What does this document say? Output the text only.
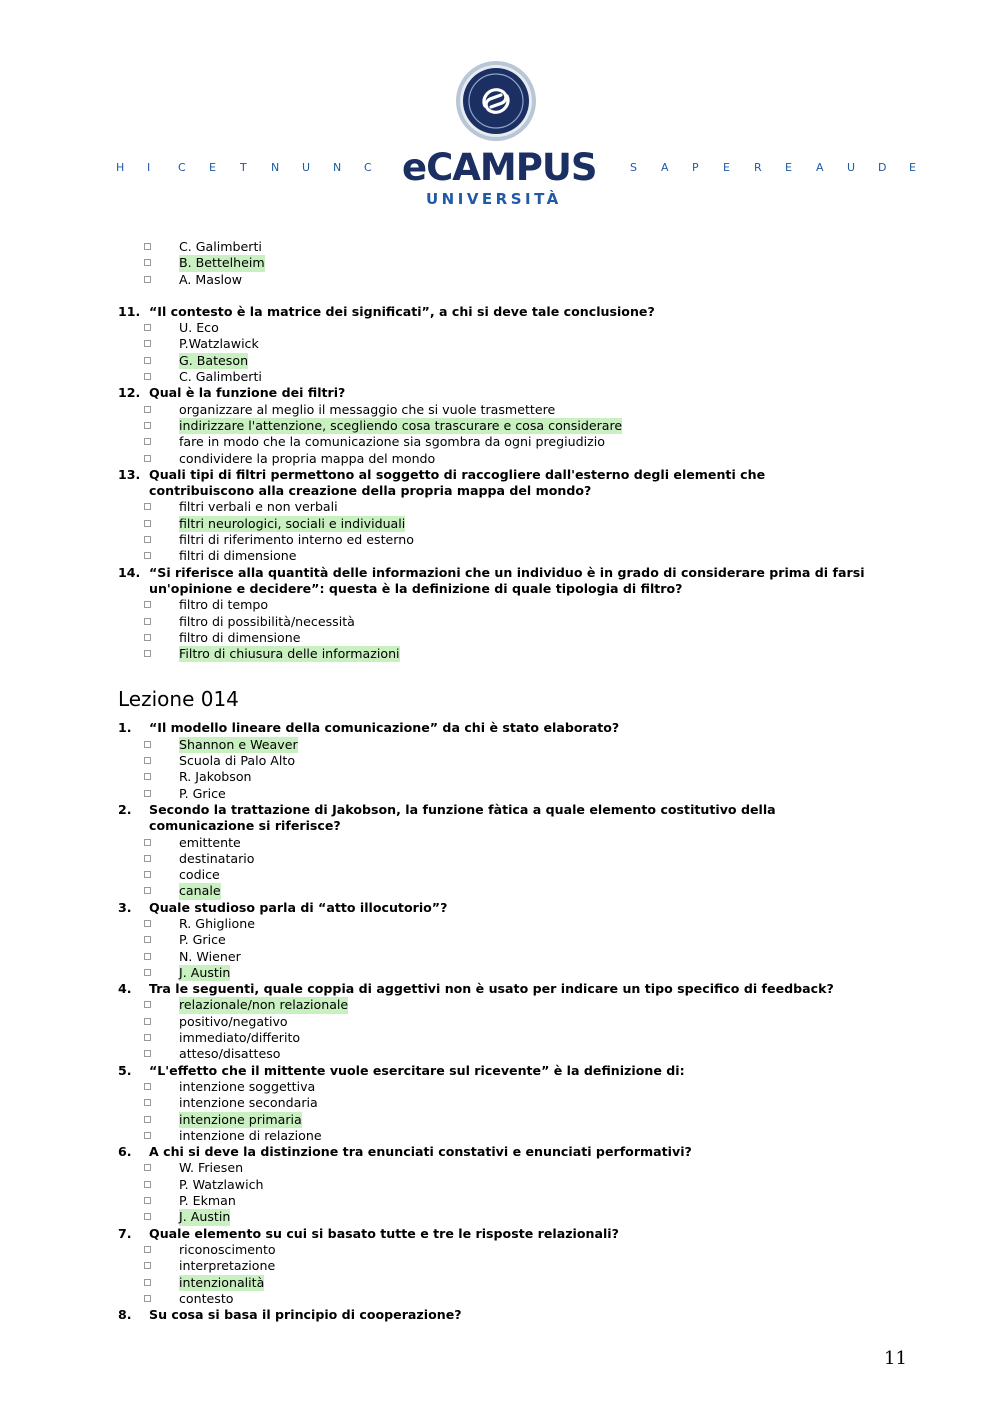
H I	C E T N U N C eCAMPUS
UNIVERSITÀ
S A P E R E A U D E
C. Galimberti
B. Bettelheim
A. Maslow
11. “Il contesto è la matrice dei significati”, a chi si deve tale conclusione?
U. Eco
P.Watzlawick
G. Bateson
C. Galimberti
12. Qual è la funzione dei filtri?
organizzare al meglio il messaggio che si vuole trasmettere
indirizzare l'attenzione, scegliendo cosa trascurare e cosa considerare
fare in modo che la comunicazione sia sgombra da ogni pregiudizio
condividere la propria mappa del mondo
13. Quali tipi di filtri permettono al soggetto di raccogliere dall'esterno degli elementi che contribuiscono alla creazione della propria mappa del mondo?
filtri verbali e non verbali
filtri neurologici, sociali e individuali
filtri di riferimento interno ed esterno
filtri di dimensione
14. “Si riferisce alla quantità delle informazioni che un individuo è in grado di considerare prima di farsi un'opinione e decidere”: questa è la definizione di quale tipologia di filtro?
filtro di tempo
filtro di possibilità/necessità
filtro di dimensione
Filtro di chiusura delle informazioni
Lezione 014
1. “Il modello lineare della comunicazione” da chi è stato elaborato?
Shannon e Weaver
Scuola di Palo Alto
R. Jakobson
P. Grice
2. Secondo la trattazione di Jakobson, la funzione fàtica a quale elemento costitutivo della comunicazione si riferisce?
emittente
destinatario
codice
canale
3. Quale studioso parla di “atto illocutorio”?
R. Ghiglione
P. Grice
N. Wiener
J. Austin
4. Tra le seguenti, quale coppia di aggettivi non è usato per indicare un tipo specifico di feedback?
relazionale/non relazionale
positivo/negativo
immediato/differito
atteso/disatteso
5. “L'effetto che il mittente vuole esercitare sul ricevente” è la definizione di:
intenzione soggettiva
intenzione secondaria
intenzione primaria
intenzione di relazione
6. A chi si deve la distinzione tra enunciati constativi e enunciati performativi?
W. Friesen
P. Watzlawich
P. Ekman
J. Austin
7. Quale elemento su cui si basato tutte e tre le risposte relazionali?
riconoscimento
interpretazione
intenzionalità
contesto
8. Su cosa si basa il principio di cooperazione?
11
